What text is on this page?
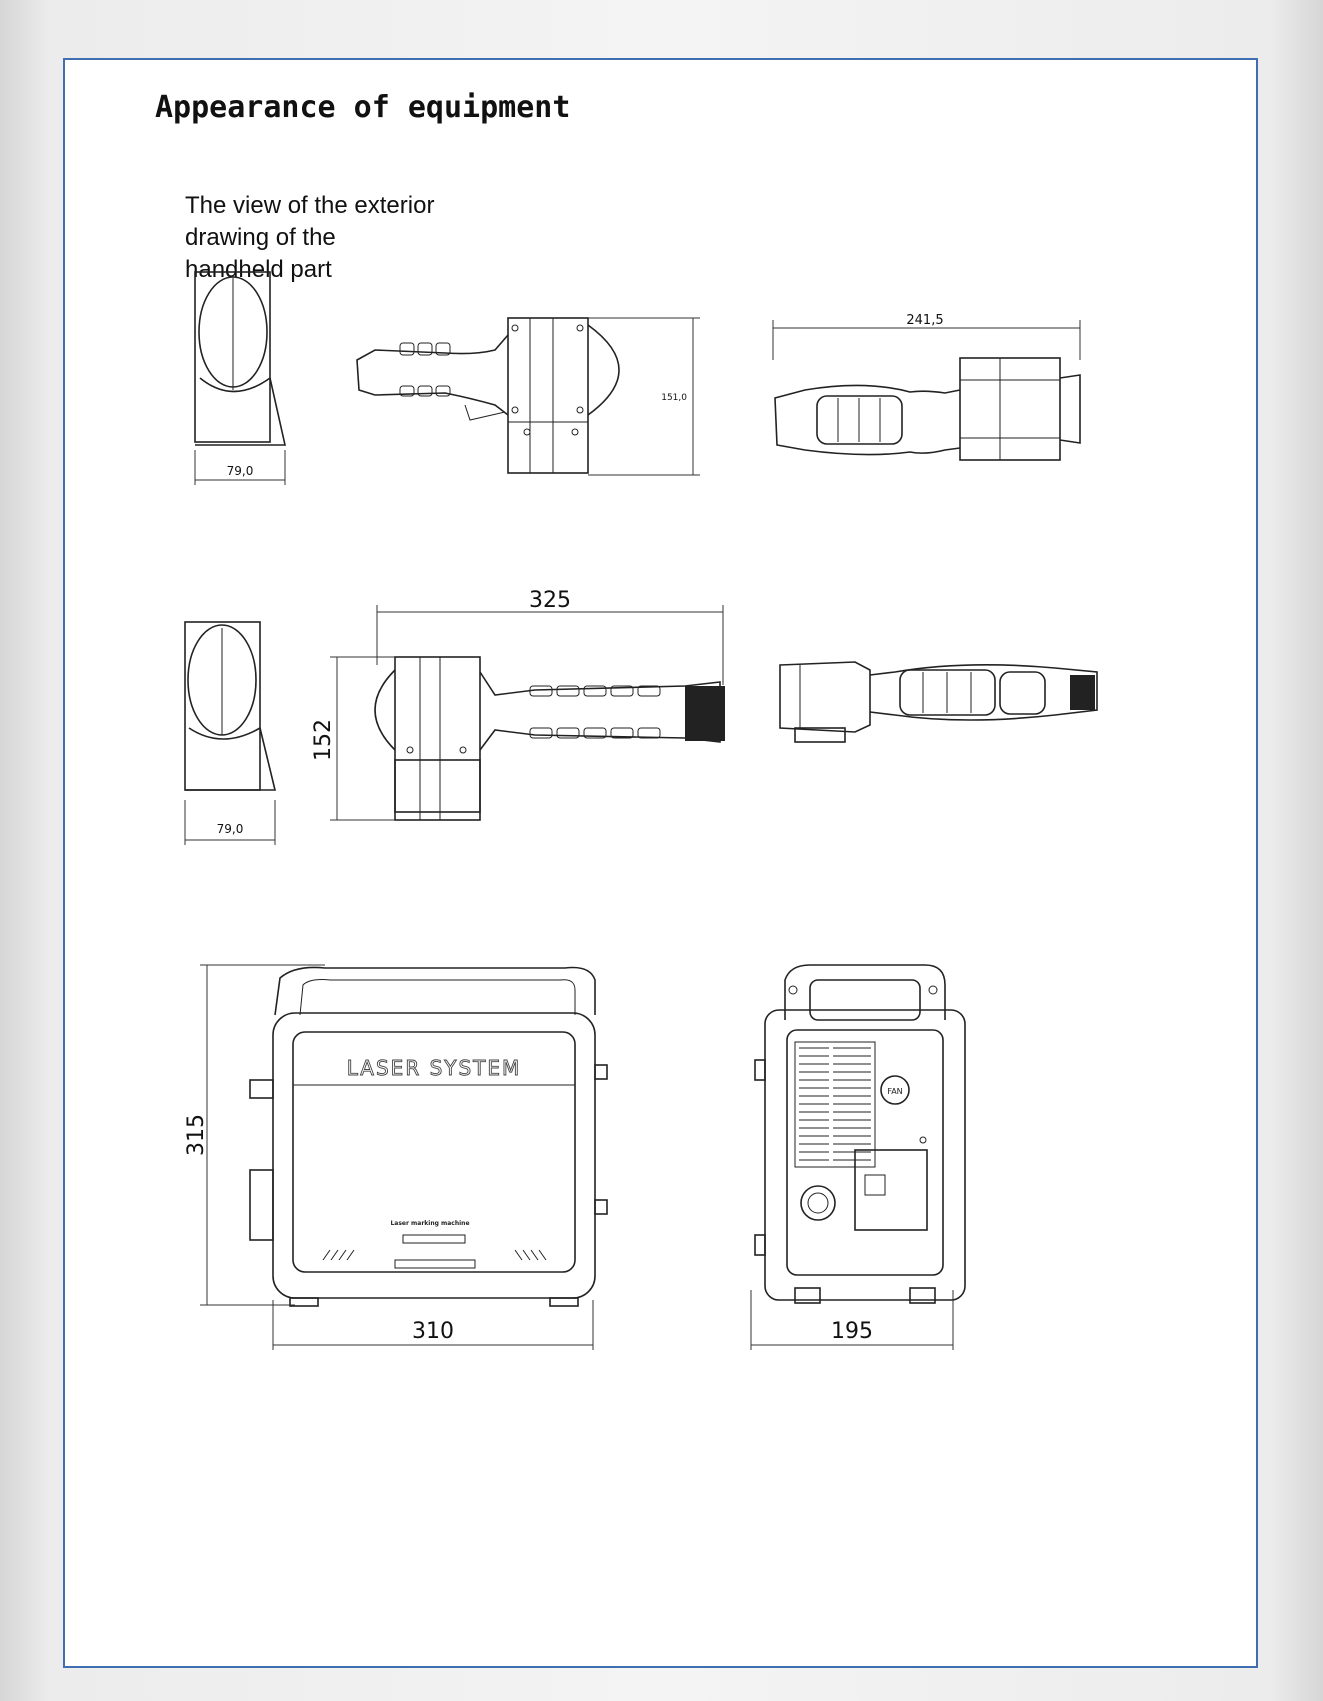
Appearance of equipment
The view of the exterior
drawing of the
handheld part
79,0
151,0
241,5
79,0
325
152
LASER SYSTEM
Laser marking machine
315
310
FAN
195
